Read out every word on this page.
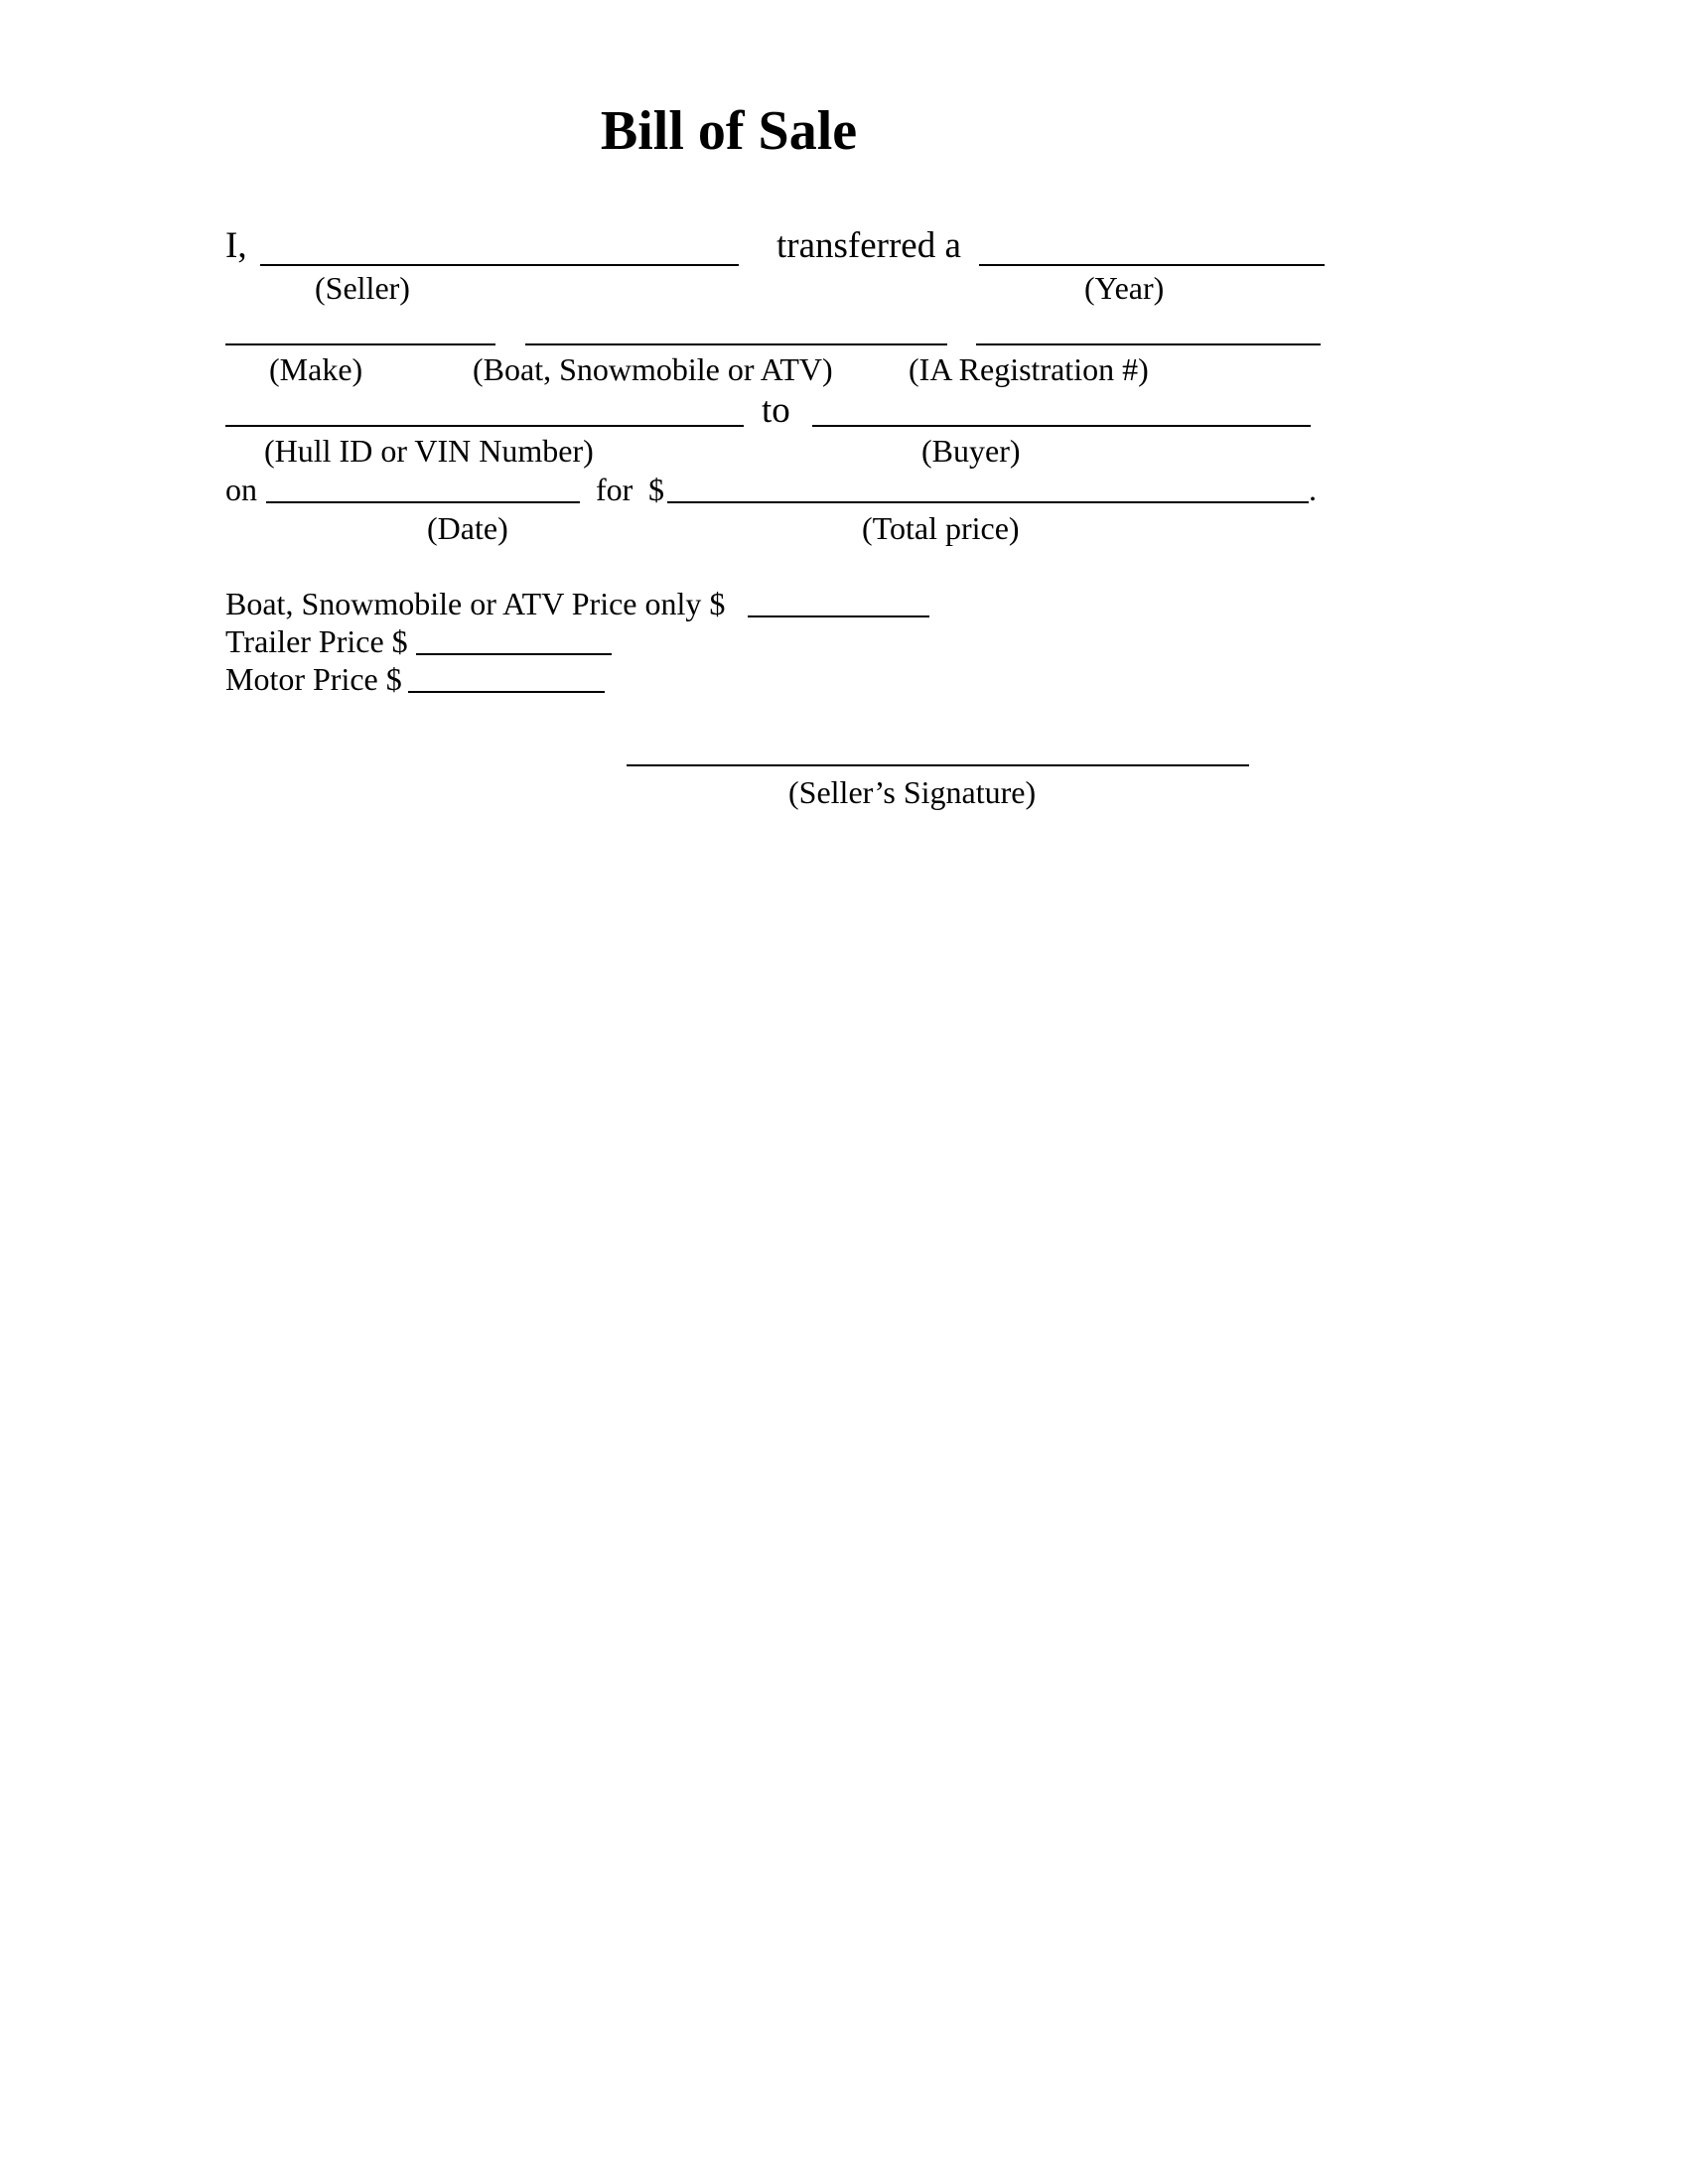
Bill of Sale
I,	transferred a
(Seller)	(Year)
(Make)	(Boat, Snowmobile or ATV) (IA Registration #)
to
(Hull ID or VIN Number)	(Buyer)
on	for $	.
(Date)	(Total price)
Boat, Snowmobile or ATV Price only $
Trailer Price $
Motor Price $
(Seller’s Signature)
